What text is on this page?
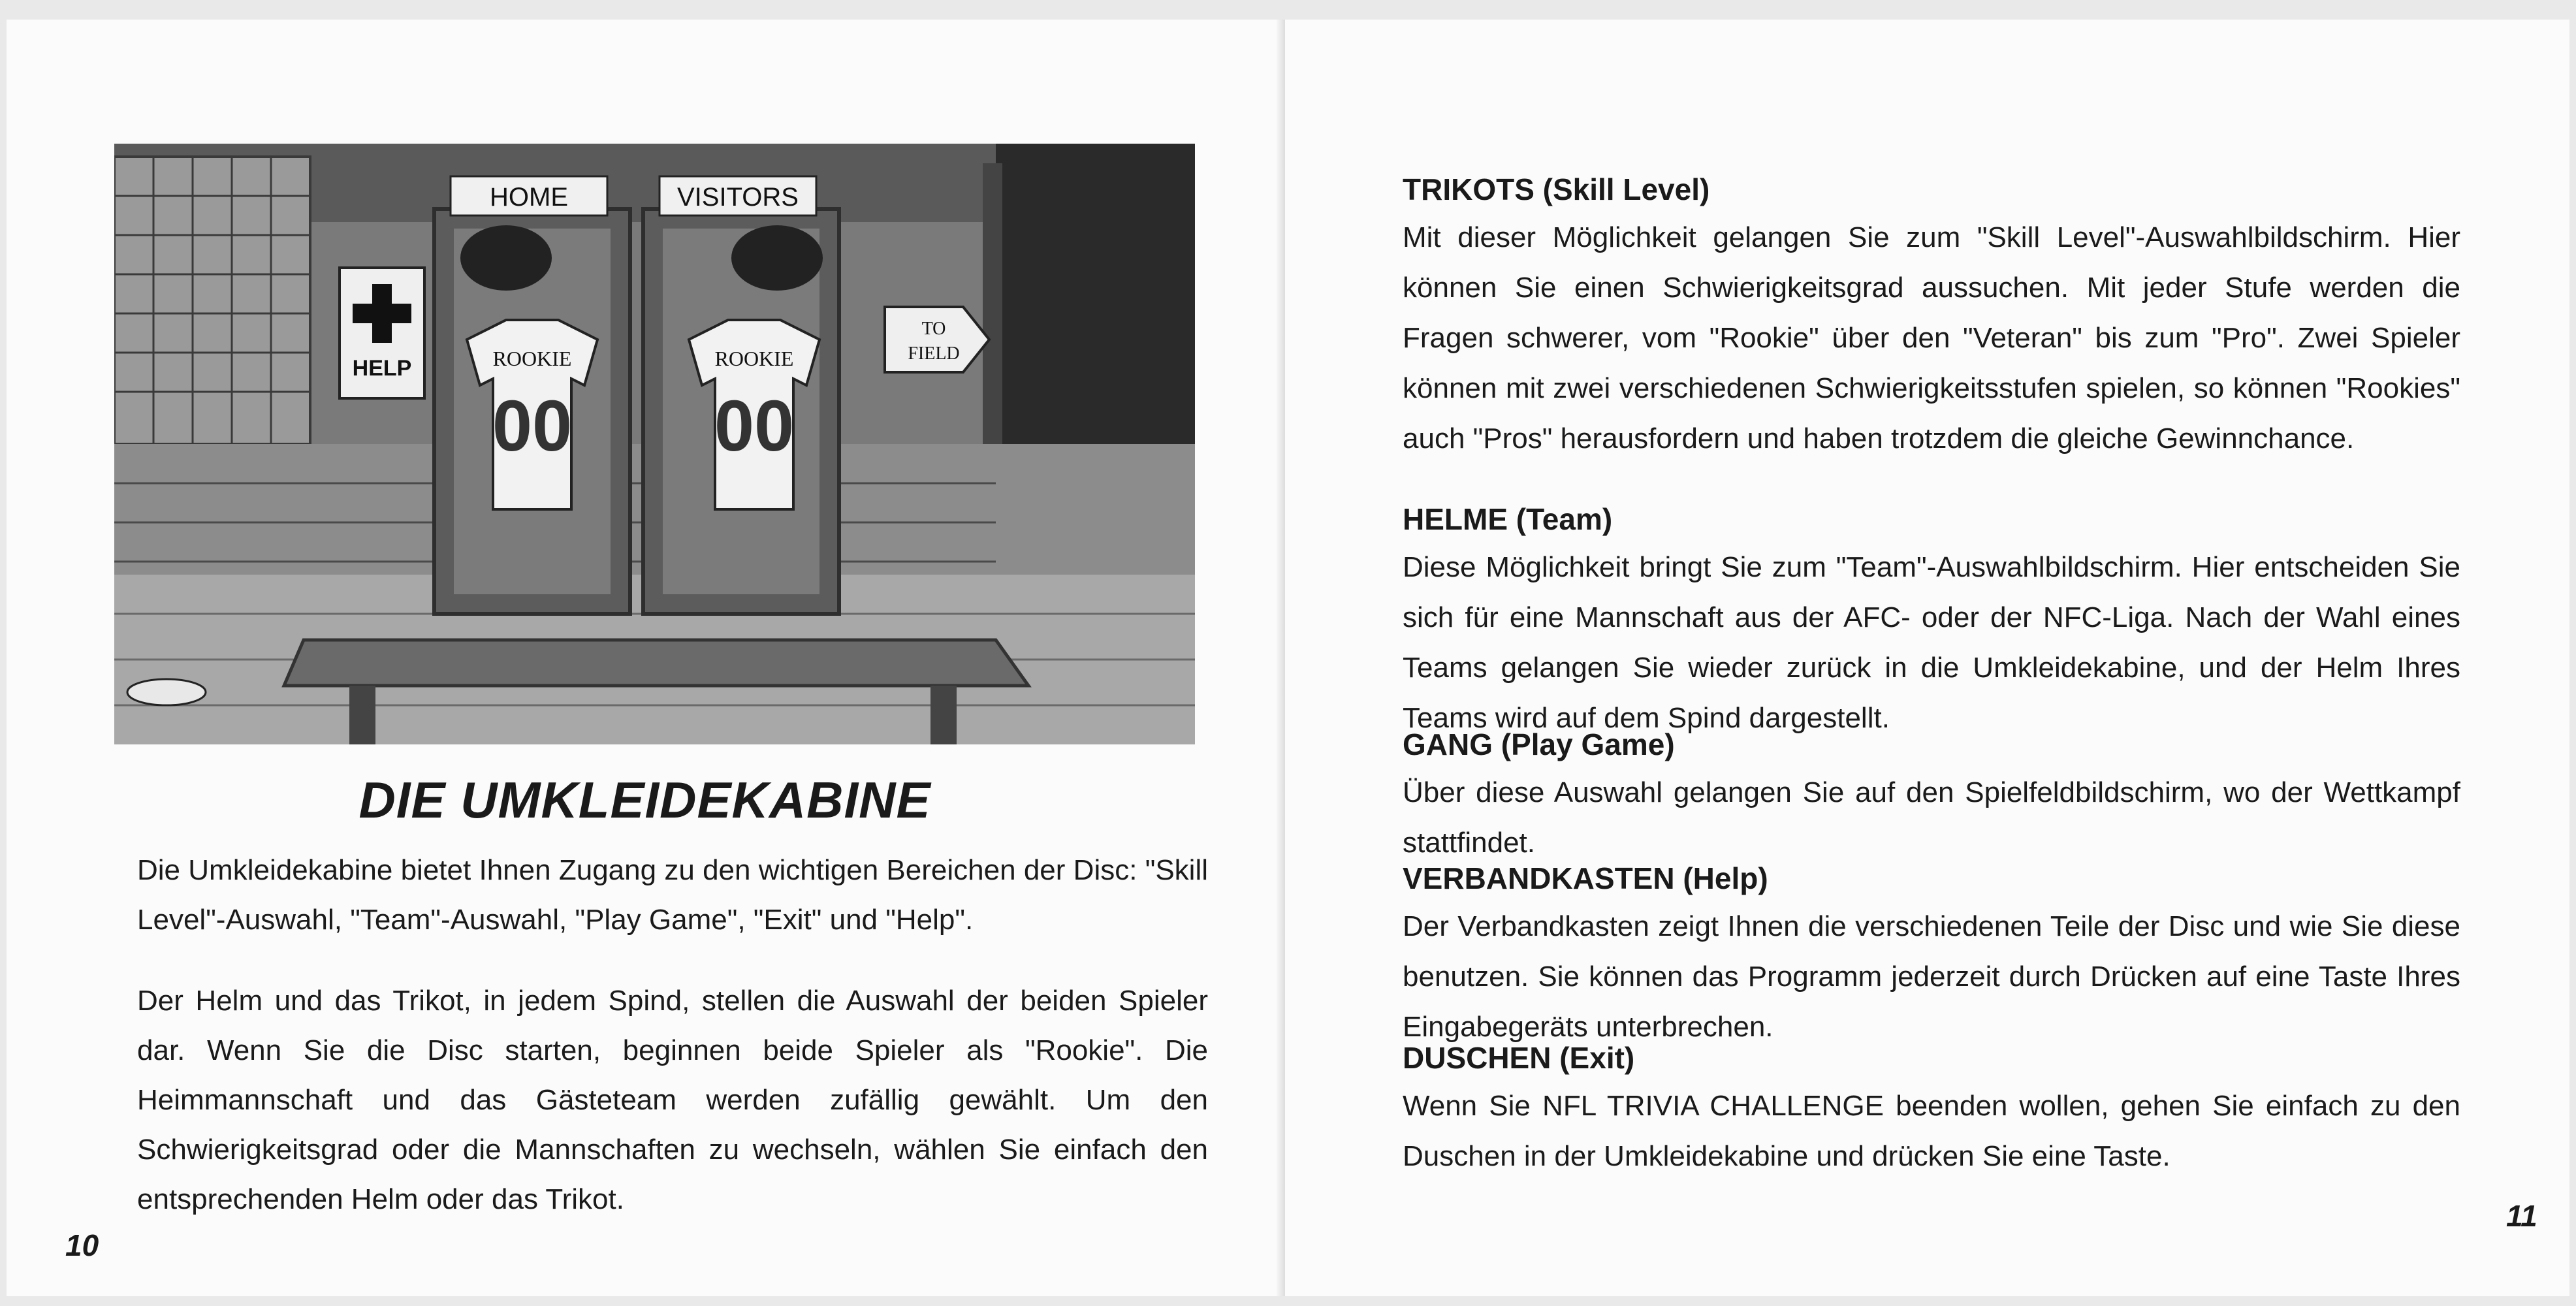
HELP
HOME	VISITORS
ROOKIE
00
ROOKIE
00
TO
FIELD
DIE UMKLEIDEKABINE
Die Umkleidekabine bietet Ihnen Zugang zu den wichtigen Bereichen der Disc: "Skill Level"-Auswahl, "Team"-Auswahl, "Play Game", "Exit" und "Help".
Der Helm und das Trikot, in jedem Spind, stellen die Auswahl der beiden Spieler dar. Wenn Sie die Disc starten, beginnen beide Spieler als "Rookie". Die Heimmannschaft und das Gästeteam werden zufällig gewählt. Um den Schwierigkeitsgrad oder die Mannschaften zu wechseln, wählen Sie einfach den entsprechenden Helm oder das Trikot.
10
TRIKOTS (Skill Level)
Mit dieser Möglichkeit gelangen Sie zum "Skill Level"-Auswahlbildschirm. Hier können Sie einen Schwierigkeitsgrad aussuchen. Mit jeder Stufe werden die Fragen schwerer, vom "Rookie" über den "Veteran" bis zum "Pro". Zwei Spieler können mit zwei verschiedenen Schwierigkeitsstufen spielen, so können "Rookies" auch "Pros" herausfordern und haben trotzdem die gleiche Gewinnchance.
HELME (Team)
Diese Möglichkeit bringt Sie zum "Team"-Auswahlbildschirm. Hier entscheiden Sie sich für eine Mannschaft aus der AFC- oder der NFC-Liga. Nach der Wahl eines Teams gelangen Sie wieder zurück in die Umkleidekabine, und der Helm Ihres Teams wird auf dem Spind dargestellt.
GANG (Play Game)
Über diese Auswahl gelangen Sie auf den Spielfeldbildschirm, wo der Wettkampf stattfindet.
VERBANDKASTEN (Help)
Der Verbandkasten zeigt Ihnen die verschiedenen Teile der Disc und wie Sie diese benutzen. Sie können das Programm jederzeit durch Drücken auf eine Taste Ihres Eingabegeräts unterbrechen.
DUSCHEN (Exit)
Wenn Sie NFL TRIVIA CHALLENGE beenden wollen, gehen Sie einfach zu den Duschen in der Umkleidekabine und drücken Sie eine Taste.
11
